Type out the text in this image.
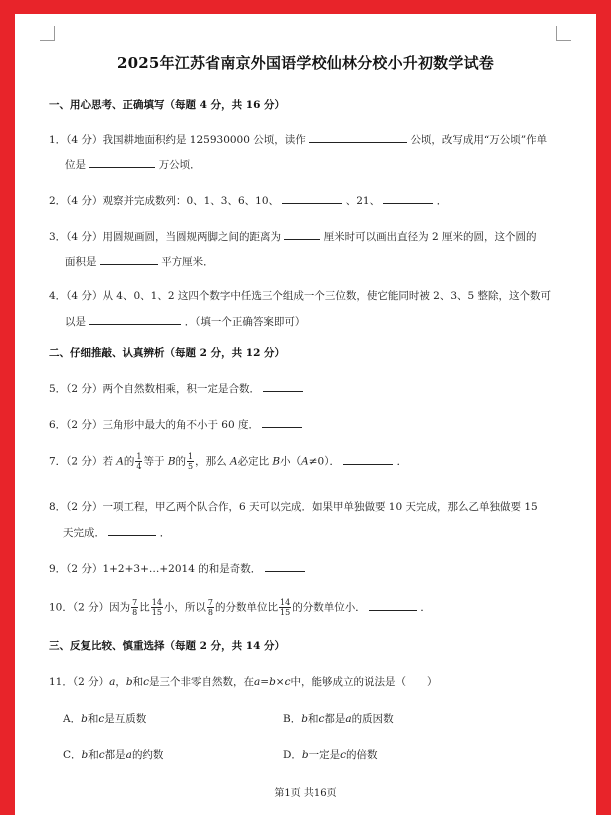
2025年江苏省南京外国语学校仙林分校小升初数学试卷
一、用心思考、正确填写（每题 4 分，共 16 分）
1．（4 分）我国耕地面积约是 125930000 公顷，读作	公顷，改写成用“万公顷”作单
位是	万公顷．
2．（4 分）观察并完成数列：0、1、3、6、10、	、21、	．
3．（4 分）用圆规画圆，当圆规两脚之间的距离为	厘米时可以画出直径为 2 厘米的圆，这个圆的
面积是	平方厘米．
4．（4 分）从 4、0、1、2 这四个数字中任选三个组成一个三位数，使它能同时被 2、3、5 整除，这个数可
以是	．（填一个正确答案即可）
二、仔细推敲、认真辨析（每题 2 分，共 12 分）
5．（2 分）两个自然数相乘，积一定是合数．
6．（2 分）三角形中最大的角不小于 60 度．
7．（2 分）若 A的 $\frac{1}{4}$ 等于 B的 $\frac{1}{5}$ ，那么 A必定比 B小（A≠0）．	．
8．（2 分）一项工程，甲乙两个队合作，6 天可以完成．如果甲单独做要 10 天完成，那么乙单独做要 15
天完成．	．
9．（2 分）1+2+3+…+2014 的和是奇数．
10．（2 分）因为 $\frac{7}{8}$ 比 $\frac{14}{15}$ 小，所以 $\frac{7}{8}$ 的分数单位比 $\frac{14}{15}$ 的分数单位小．	．
三、反复比较、慎重选择（每题 2 分，共 14 分）
11．（2 分）a，b和c是三个非零自然数，在a=b×c中，能够成立的说法是（　　）
A．b和c是互质数	B．b和c都是a的质因数
C．b和c都是a的约数	D．b一定是c的倍数
第1页 共16页
